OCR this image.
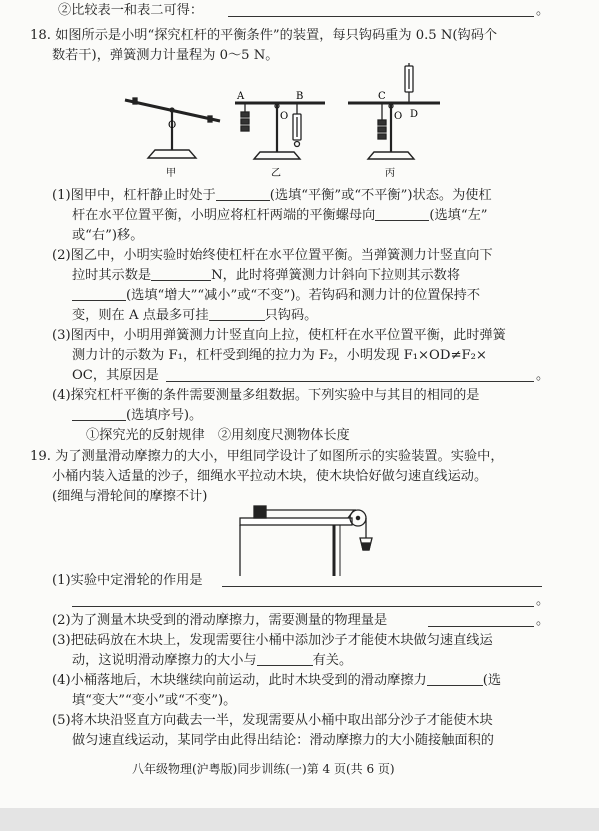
②比较表一和表二可得：	。
18. 如图所示是小明“探究杠杆的平衡条件”的装置，每只钩码重为 0.5 N(钩码个
数若干)，弹簧测力计量程为 0～5 N。
O
A
O
B	C
O D
甲	乙	丙
(1)图甲中，杠杆静止时处于	(选填“平衡”或“不平衡”)状态。为使杠
杆在水平位置平衡，小明应将杠杆两端的平衡螺母向	(选填“左”
或“右”)移。
(2)图乙中，小明实验时始终使杠杆在水平位置平衡。当弹簧测力计竖直向下
拉时其示数是	N，此时将弹簧测力计斜向下拉则其示数将
(选填“增大”“减小”或“不变”)。若钩码和测力计的位置保持不
变，则在 A 点最多可挂	只钩码。
(3)图丙中，小明用弹簧测力计竖直向上拉，使杠杆在水平位置平衡，此时弹簧
测力计的示数为 F₁，杠杆受到绳的拉力为 F₂，小明发现 F₁×OD≠F₂×
OC，其原因是	。
(4)探究杠杆平衡的条件需要测量多组数据。下列实验中与其目的相同的是
(选填序号)。
①探究光的反射规律　②用刻度尺测物体长度
19. 为了测量滑动摩擦力的大小，甲组同学设计了如图所示的实验装置。实验中，
小桶内装入适量的沙子，细绳水平拉动木块，使木块恰好做匀速直线运动。
(细绳与滑轮间的摩擦不计)
(1)实验中定滑轮的作用是
。
(2)为了测量木块受到的滑动摩擦力，需要测量的物理量是	。
(3)把砝码放在木块上，发现需要往小桶中添加沙子才能使木块做匀速直线运
动，这说明滑动摩擦力的大小与	有关。
(4)小桶落地后，木块继续向前运动，此时木块受到的滑动摩擦力	(选
填“变大”“变小”或“不变”)。
(5)将木块沿竖直方向截去一半，发现需要从小桶中取出部分沙子才能使木块
做匀速直线运动，某同学由此得出结论：滑动摩擦力的大小随接触面积的
八年级物理(沪粤版)同步训练(一)第 4 页(共 6 页)
